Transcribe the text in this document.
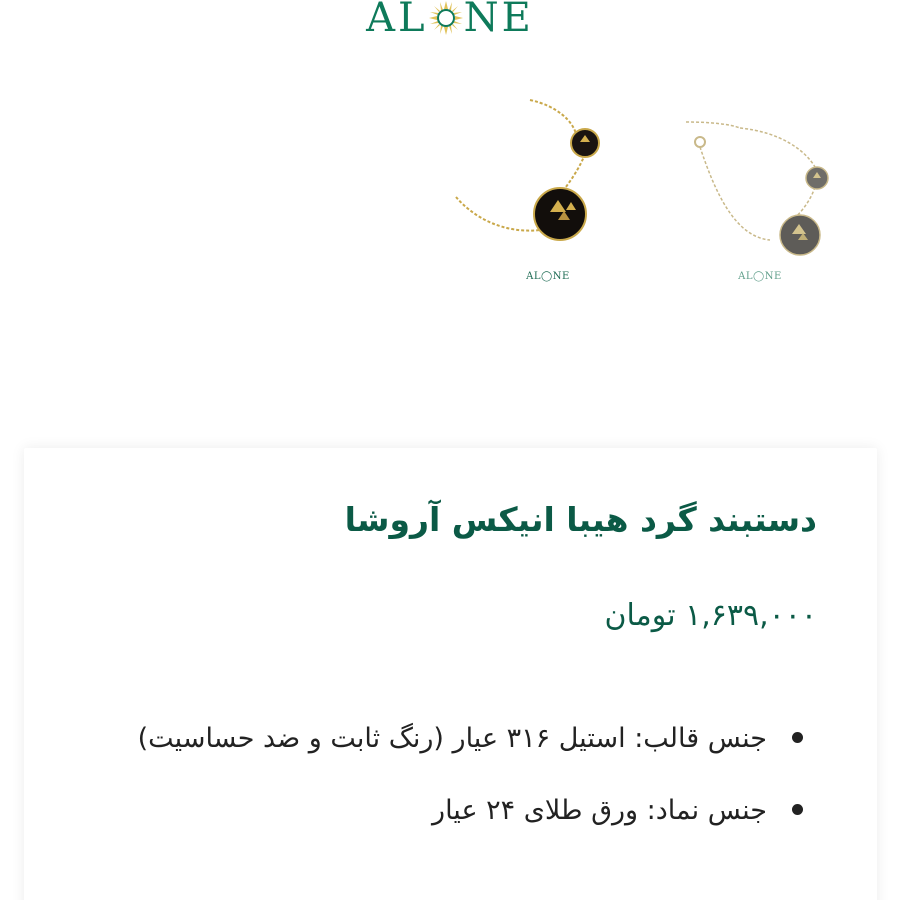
AL NE
AL◯NE	AL◯NE
دستبند گرد هیبا انیکس آروشا
۱,۶۳۹,۰۰۰ تومان
جنس قالب: استیل ۳۱۶ عیار (رنگ ثابت و ضد حساسیت)
جنس نماد: ورق طلای ۲۴ عیار
